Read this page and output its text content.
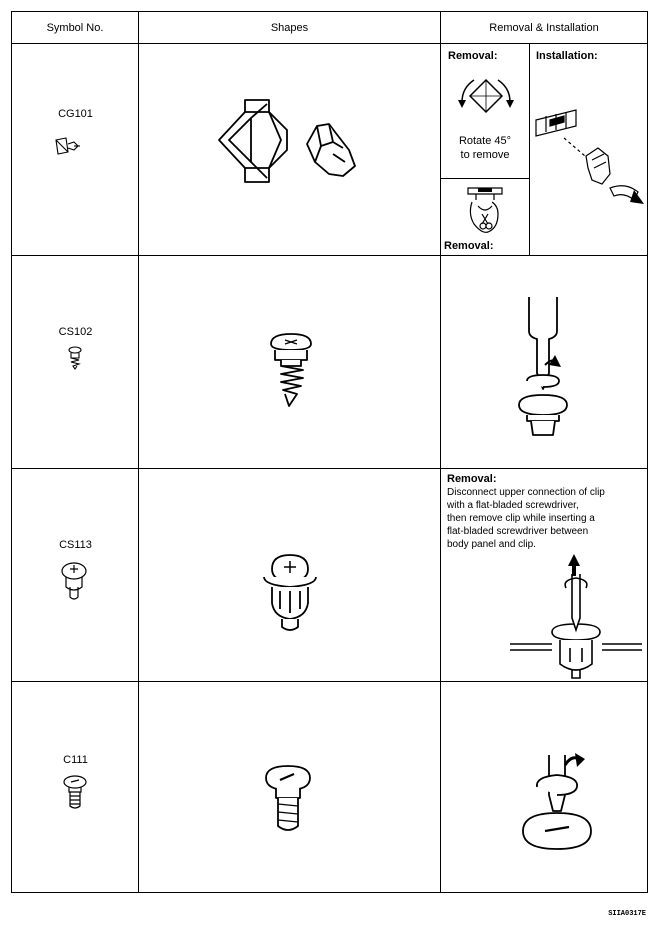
Symbol No.	Shapes	Removal & Installation
CG101
Removal:
Rotate 45°
to remove
Removal:
Installation:
CS102
CS113
Removal:
Disconnect upper connection of clip
with a flat-bladed screwdriver,
then remove clip while inserting a
flat-bladed screwdriver between
body panel and clip.
C111
SIIA0317E
